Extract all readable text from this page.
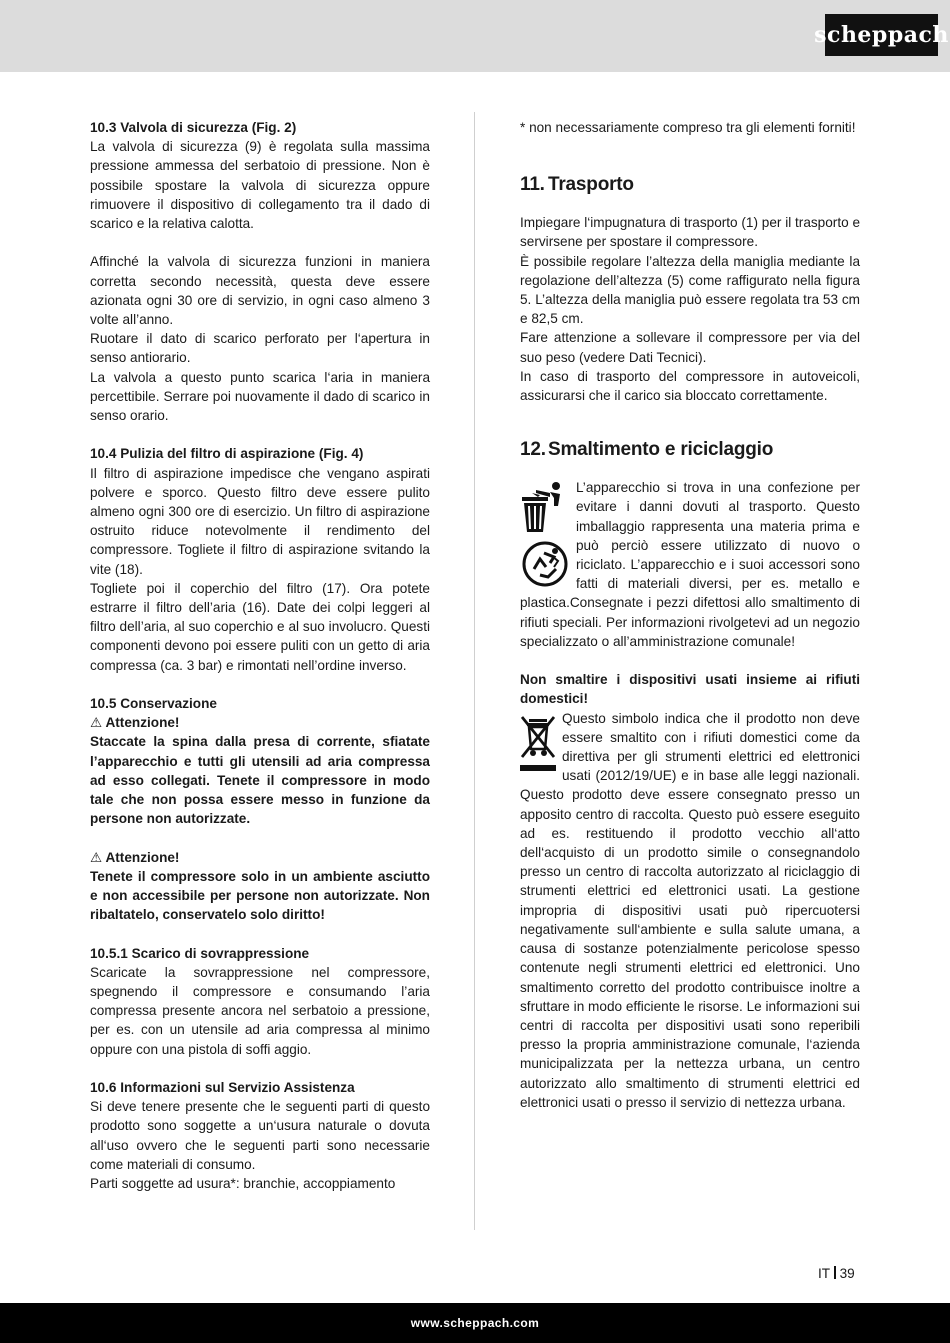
scheppach

10.3 Valvola di sicurezza (Fig. 2)

La valvola di sicurezza (9) è regolata sulla massima pressione ammessa del serbatoio di pressione. Non è possibile spostare la valvola di sicurezza oppure rimuovere il dispositivo di collegamento tra il dado di scarico e la relativa calotta.

Affinché la valvola di sicurezza funzioni in maniera corretta secondo necessità, questa deve essere azionata ogni 30 ore di servizio, in ogni caso almeno 3 volte all’anno.

Ruotare il dato di scarico perforato per l‘apertura in senso antiorario.

La valvola a questo punto scarica l‘aria in maniera percettibile. Serrare poi nuovamente il dado di scarico in senso orario.

10.4 Pulizia del filtro di aspirazione (Fig. 4)

Il filtro di aspirazione impedisce che vengano aspirati polvere e sporco. Questo filtro deve essere pulito almeno ogni 300 ore di esercizio. Un filtro di aspirazione ostruito riduce notevolmente il rendimento del compressore. Togliete il filtro di aspirazione svitando la vite (18).

Togliete poi il coperchio del filtro (17). Ora potete estrarre il filtro dell’aria (16). Date dei colpi leggeri al filtro dell’aria, al suo coperchio e al suo involucro. Questi componenti devono poi essere puliti con un getto di aria compressa (ca. 3 bar) e rimontati nell’ordine inverso.

10.5 Conservazione

⚠ Attenzione!

Staccate la spina dalla presa di corrente, sfiatate l’apparecchio e tutti gli utensili ad aria compressa ad esso collegati. Tenete il compressore in modo tale che non possa essere messo in funzione da persone non autorizzate.

⚠ Attenzione!

Tenete il compressore solo in un ambiente asciutto e non accessibile per persone non autorizzate. Non ribaltatelo, conservatelo solo diritto!

10.5.1 Scarico di sovrappressione

Scaricate la sovrappressione nel compressore, spegnendo il compressore e consumando l’aria compressa presente ancora nel serbatoio a pressione, per es. con un utensile ad aria compressa al minimo oppure con una pistola di soffi aggio.

10.6 Informazioni sul Servizio Assistenza

Si deve tenere presente che le seguenti parti di questo prodotto sono soggette a un‘usura naturale o dovuta all‘uso ovvero che le seguenti parti sono necessarie come materiali di consumo.

Parti soggette ad usura*: branchie, accoppiamento

* non necessariamente compreso tra gli elementi forniti!

11. Trasporto

Impiegare l‘impugnatura di trasporto (1) per il trasporto e servirsene per spostare il compressore.

È possibile regolare l’altezza della maniglia mediante la regolazione dell’altezza (5) come raffigurato nella figura 5. L’altezza della maniglia può essere regolata tra 53 cm e 82,5 cm.

Fare attenzione a sollevare il compressore per via del suo peso (vedere Dati Tecnici).

In caso di trasporto del compressore in autoveicoli, assicurarsi che il carico sia bloccato correttamente.

12. Smaltimento e riciclaggio

L’apparecchio si trova in una confezione per evitare i danni dovuti al trasporto. Questo imballaggio rappresenta una materia prima e può perciò essere utilizzato di nuovo o riciclato. L’apparecchio e i suoi accessori sono fatti di materiali diversi, per es. metallo e plastica.Consegnate i pezzi difettosi allo smaltimento di rifiuti speciali. Per informazioni rivolgetevi ad un negozio specializzato o all’amministrazione comunale!

Non smaltire i dispositivi usati insieme ai rifiuti domestici!

Questo simbolo indica che il prodotto non deve essere smaltito con i rifiuti domestici come da direttiva per gli strumenti elettrici ed elettronici usati (2012/19/UE) e in base alle leggi nazionali. Questo prodotto deve essere consegnato presso un apposito centro di raccolta. Questo può essere eseguito ad es. restituendo il prodotto vecchio all‘atto dell‘acquisto di un prodotto simile o consegnandolo presso un centro di raccolta autorizzato al riciclaggio di strumenti elettrici ed elettronici usati. La gestione impropria di dispositivi usati può ripercuotersi negativamente sull‘ambiente e sulla salute umana, a causa di sostanze potenzialmente pericolose spesso contenute negli strumenti elettrici ed elettronici. Uno smaltimento corretto del prodotto contribuisce inoltre a sfruttare in modo efficiente le risorse. Le informazioni sui centri di raccolta per dispositivi usati sono reperibili presso la propria amministrazione comunale, l‘azienda municipalizzata per la nettezza urbana, un centro autorizzato allo smaltimento di strumenti elettrici ed elettronici usati o presso il servizio di nettezza urbana.

IT 39
www.scheppach.com
